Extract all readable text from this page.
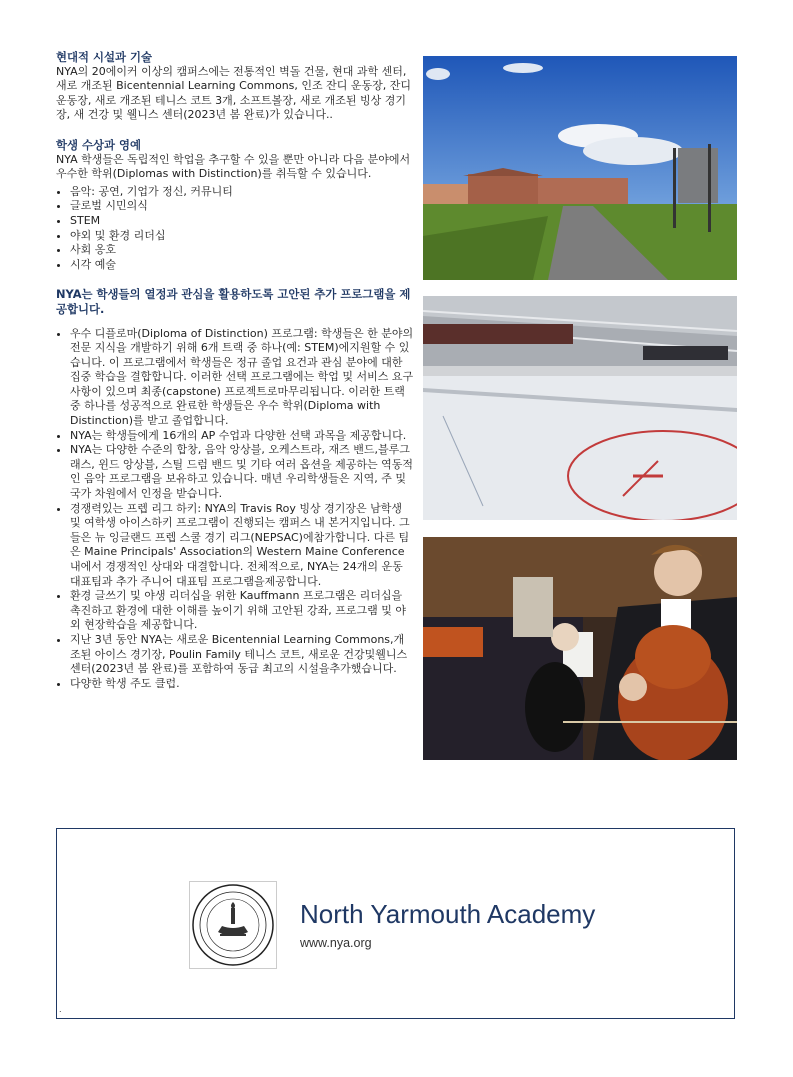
현대적 시설과 기술

NYA의 20에이커 이상의 캠퍼스에는 전통적인 벽돌 건물, 현대 과학 센터, 새로 개조된 Bicentennial Learning Commons, 인조 잔디 운동장, 잔디 운동장, 새로 개조된 테니스 코트 3개, 소프트볼장, 새로 개조된 빙상 경기장, 새 건강 및 웰니스 센터(2023년 봄 완료)가 있습니다..

학생 수상과 영예

NYA 학생들은 독립적인 학업을 추구할 수 있을 뿐만 아니라 다음 분야에서 우수한 학위(Diplomas with Distinction)를 취득할 수 있습니다.

• 음악: 공연, 기업가 정신, 커뮤니티
• 글로벌 시민의식
• STEM
• 야외 및 환경 리더십
• 사회 옹호
• 시각 예술

NYA는 학생들의 열정과 관심을 활용하도록 고안된 추가 프로그램을 제공합니다.

• 우수 디플로마(Diploma of Distinction) 프로그램: 학생들은 한 분야의 전문 지식을 개발하기 위해 6개 트랙 중 하나(예: STEM)에지원할 수 있습니다. 이 프로그램에서 학생들은 정규 졸업 요건과 관심 분야에 대한 집중 학습을 결합합니다. 이러한 선택 프로그램에는 학업 및 서비스 요구 사항이 있으며 최종(capstone) 프로젝트로마무리됩니다. 이러한 트랙 중 하나를 성공적으로 완료한 학생들은 우수 학위(Diploma with Distinction)를 받고 졸업합니다.
• NYA는 학생들에게 16개의 AP 수업과 다양한 선택 과목을 제공합니다.
• NYA는 다양한 수준의 합창, 음악 앙상블, 오케스트라, 재즈 밴드,블루그래스, 윈드 앙상블, 스틸 드럼 밴드 및 기타 여러 옵션을 제공하는 역동적인 음악 프로그램을 보유하고 있습니다. 매년 우리학생들은 지역, 주 및 국가 차원에서 인정을 받습니다.
• 경쟁력있는 프렙 리그 하키: NYA의 Travis Roy 빙상 경기장은 남학생 및 여학생 아이스하키 프로그램이 진행되는 캠퍼스 내 본거지입니다. 그들은 뉴 잉글랜드 프렙 스쿨 경기 리그(NEPSAC)에참가합니다. 다른 팀은 Maine Principals' Association의 Western Maine Conference 내에서 경쟁적인 상대와 대결합니다. 전체적으로, NYA는 24개의 운동 대표팀과 추가 주니어 대표팀 프로그램을제공합니다.
• 환경 글쓰기 및 야생 리더십을 위한 Kauffmann 프로그램은 리더십을 촉진하고 환경에 대한 이해를 높이기 위해 고안된 강좌, 프로그램 및 야외 현장학습을 제공합니다.
• 지난 3년 동안 NYA는 새로운 Bicentennial Learning Commons,개조된 아이스 경기장, Poulin Family 테니스 코트, 새로운 건강및웰니스 센터(2023년 봄 완료)를 포함하여 동급 최고의 시설을추가했습니다.
• 다양한 학생 주도 클럽.

North Yarmouth Academy

www.nya.org
.
